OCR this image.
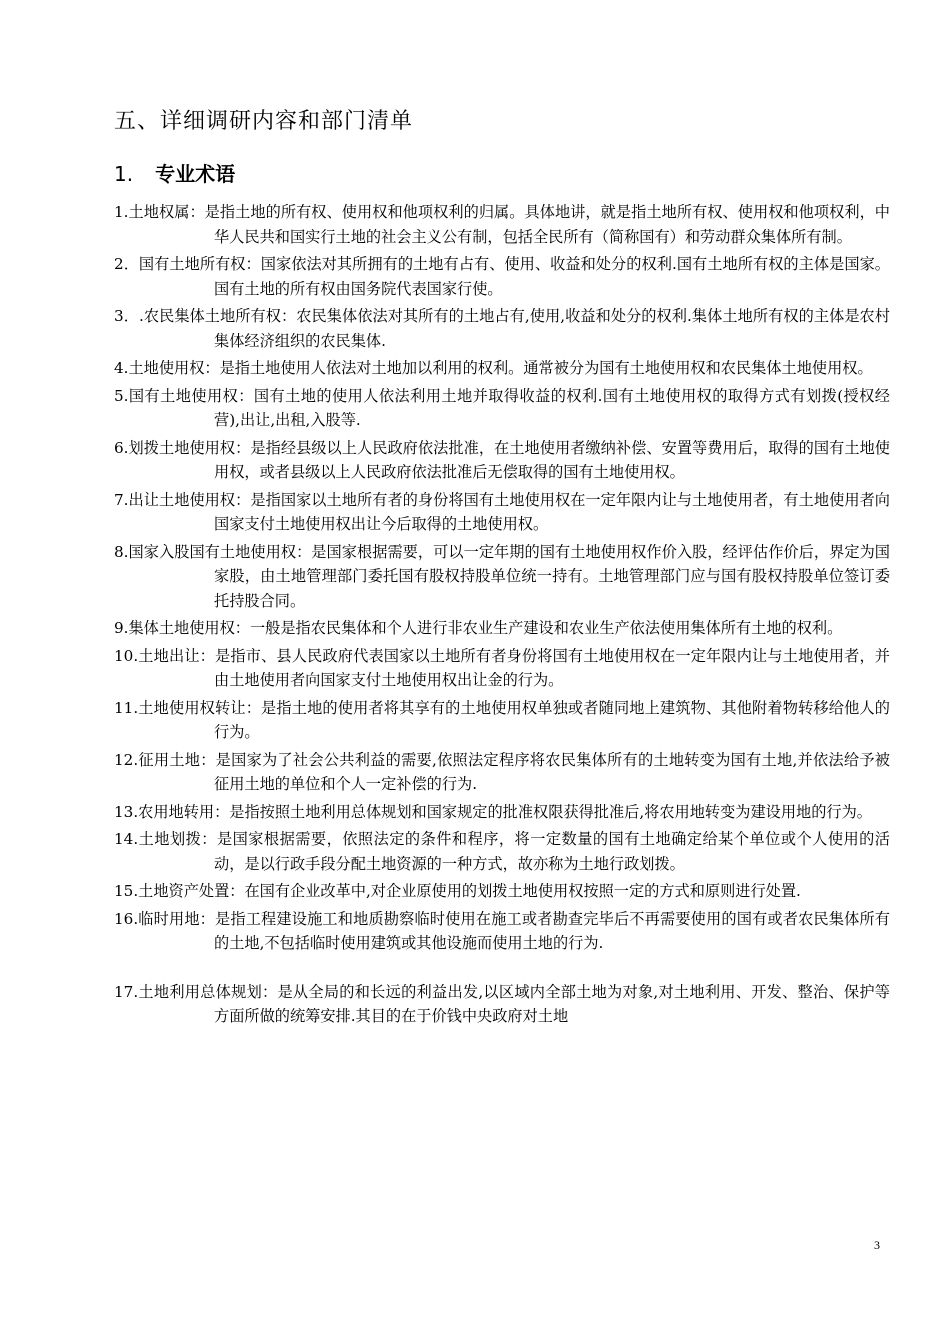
五、详细调研内容和部门清单
1. 专业术语
1.土地权属：是指土地的所有权、使用权和他项权利的归属。具体地讲，就是指土地所有权、使用权和他项权利，中华人民共和国实行土地的社会主义公有制，包括全民所有（简称国有）和劳动群众集体所有制。
2．国有土地所有权：国家依法对其所拥有的土地有占有、使用、收益和处分的权利.国有土地所有权的主体是国家。国有土地的所有权由国务院代表国家行使。
3．.农民集体土地所有权：农民集体依法对其所有的土地占有,使用,收益和处分的权利.集体土地所有权的主体是农村集体经济组织的农民集体.
4.土地使用权：是指土地使用人依法对土地加以利用的权利。通常被分为国有土地使用权和农民集体土地使用权。
5.国有土地使用权：国有土地的使用人依法利用土地并取得收益的权利.国有土地使用权的取得方式有划拨(授权经营),出让,出租,入股等.
6.划拨土地使用权：是指经县级以上人民政府依法批准，在土地使用者缴纳补偿、安置等费用后，取得的国有土地使用权，或者县级以上人民政府依法批准后无偿取得的国有土地使用权。
7.出让土地使用权：是指国家以土地所有者的身份将国有土地使用权在一定年限内让与土地使用者，有土地使用者向国家支付土地使用权出让今后取得的土地使用权。
8.国家入股国有土地使用权：是国家根据需要，可以一定年期的国有土地使用权作价入股，经评估作价后，界定为国家股，由土地管理部门委托国有股权持股单位统一持有。土地管理部门应与国有股权持股单位签订委托持股合同。
9.集体土地使用权：一般是指农民集体和个人进行非农业生产建设和农业生产依法使用集体所有土地的权利。
10.土地出让：是指市、县人民政府代表国家以土地所有者身份将国有土地使用权在一定年限内让与土地使用者，并由土地使用者向国家支付土地使用权出让金的行为。
11.土地使用权转让：是指土地的使用者将其享有的土地使用权单独或者随同地上建筑物、其他附着物转移给他人的行为。
12.征用土地：是国家为了社会公共利益的需要,依照法定程序将农民集体所有的土地转变为国有土地,并依法给予被征用土地的单位和个人一定补偿的行为.
13.农用地转用：是指按照土地利用总体规划和国家规定的批准权限获得批准后,将农用地转变为建设用地的行为。
14.土地划拨：是国家根据需要，依照法定的条件和程序，将一定数量的国有土地确定给某个单位或个人使用的活动，是以行政手段分配土地资源的一种方式，故亦称为土地行政划拨。
15.土地资产处置：在国有企业改革中,对企业原使用的划拨土地使用权按照一定的方式和原则进行处置.
16.临时用地：是指工程建设施工和地质勘察临时使用在施工或者勘查完毕后不再需要使用的国有或者农民集体所有的土地,不包括临时使用建筑或其他设施而使用土地的行为.
17.土地利用总体规划：是从全局的和长远的利益出发,以区域内全部土地为对象,对土地利用、开发、整治、保护等方面所做的统筹安排.其目的在于价钱中央政府对土地
3
